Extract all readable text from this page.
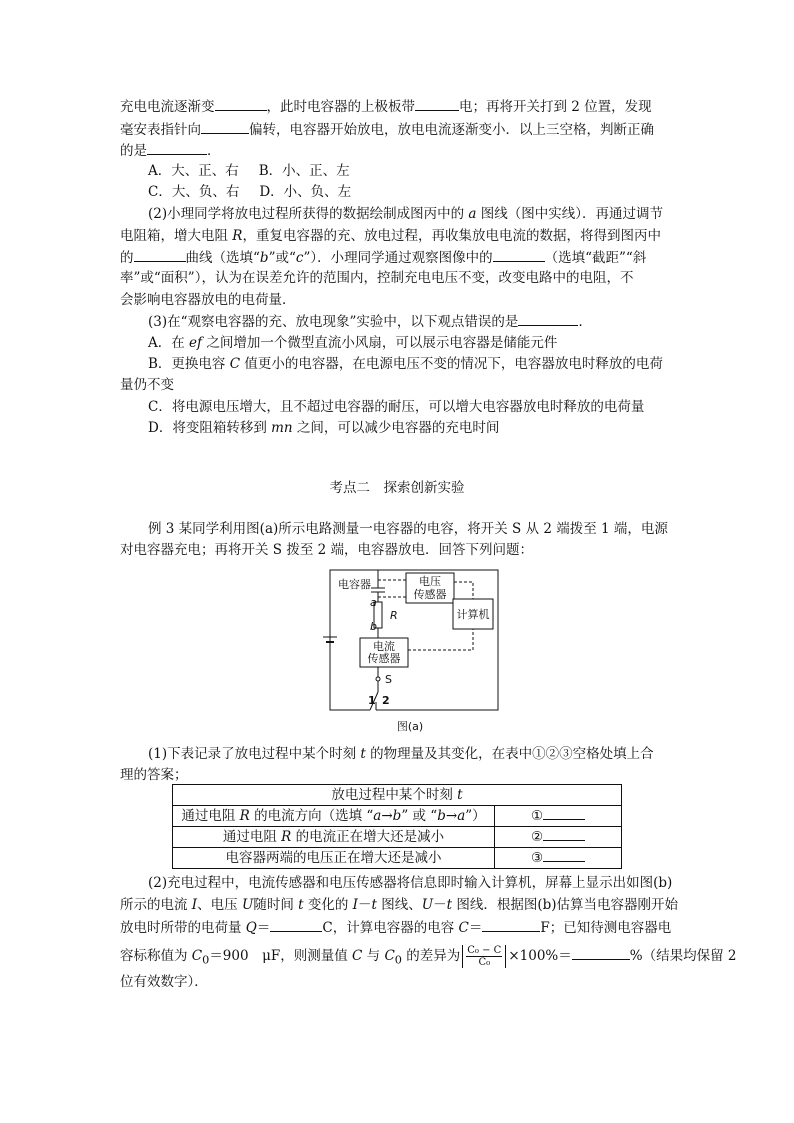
充电电流逐渐变	，此时电容器的上极板带	电；再将开关打到 2 位置，发现
毫安表指针向	偏转，电容器开始放电，放电电流逐渐变小．以上三空格，判断正确
的是	．
A．大、正、右 B．小、正、左
C．大、负、右 D．小、负、左
(2)小理同学将放电过程所获得的数据绘制成图丙中的 a 图线（图中实线）．再通过调节
电阻箱，增大电阻 R，重复电容器的充、放电过程，再收集放电电流的数据，将得到图丙中
的	曲线（选填“b”或“c”）．小理同学通过观察图像中的	（选填“截距”“斜
率”或“面积”），认为在误差允许的范围内，控制充电电压不变，改变电路中的电阻，不
会影响电容器放电的电荷量．
(3)在“观察电容器的充、放电现象”实验中，以下观点错误的是	．
A．在 ef 之间增加一个微型直流小风扇，可以展示电容器是储能元件
B．更换电容 C 值更小的电容器，在电源电压不变的情况下，电容器放电时释放的电荷
量仍不变
C．将电源电压增大，且不超过电容器的耐压，可以增大电容器放电时释放的电荷量
D．将变阻箱转移到 mn 之间，可以减少电容器的充电时间
考点二　探索创新实验
例 3 某同学利用图(a)所示电路测量一电容器的电容，将开关 S 从 2 端拨至 1 端，电源
对电容器充电；再将开关 S 拨至 2 端，电容器放电．回答下列问题：
电容器	电压
传感器
计算机
电流
传感器
R
a
b
S
1 2
图(a)
(1)下表记录了放电过程中某个时刻 t 的物理量及其变化，在表中①②③空格处填上合
理的答案；
放电过程中某个时刻 t	
通过电阻 R 的电流方向（选填 “a→b” 或 “b→a”）	①
通过电阻 R 的电流正在增大还是减小	②
电容器两端的电压正在增大还是减小	③
(2)充电过程中，电流传感器和电压传感器将信息即时输入计算机，屏幕上显示出如图(b)
所示的电流 I、电压 U随时间 t 变化的 I－t 图线、U－t 图线．根据图(b)估算当电容器刚开始
放电时所带的电荷量 Q＝	C，计算电容器的电容 C＝	F；已知待测电容器电
容标称值为 $C_0=900$　μF，则测量值 C 与 $C_0$ 的差异为 $\frac{\text{C₀ − C}}{\text{C₀}} \times 100\%=$	%（结果均保留 2
位有效数字）．
